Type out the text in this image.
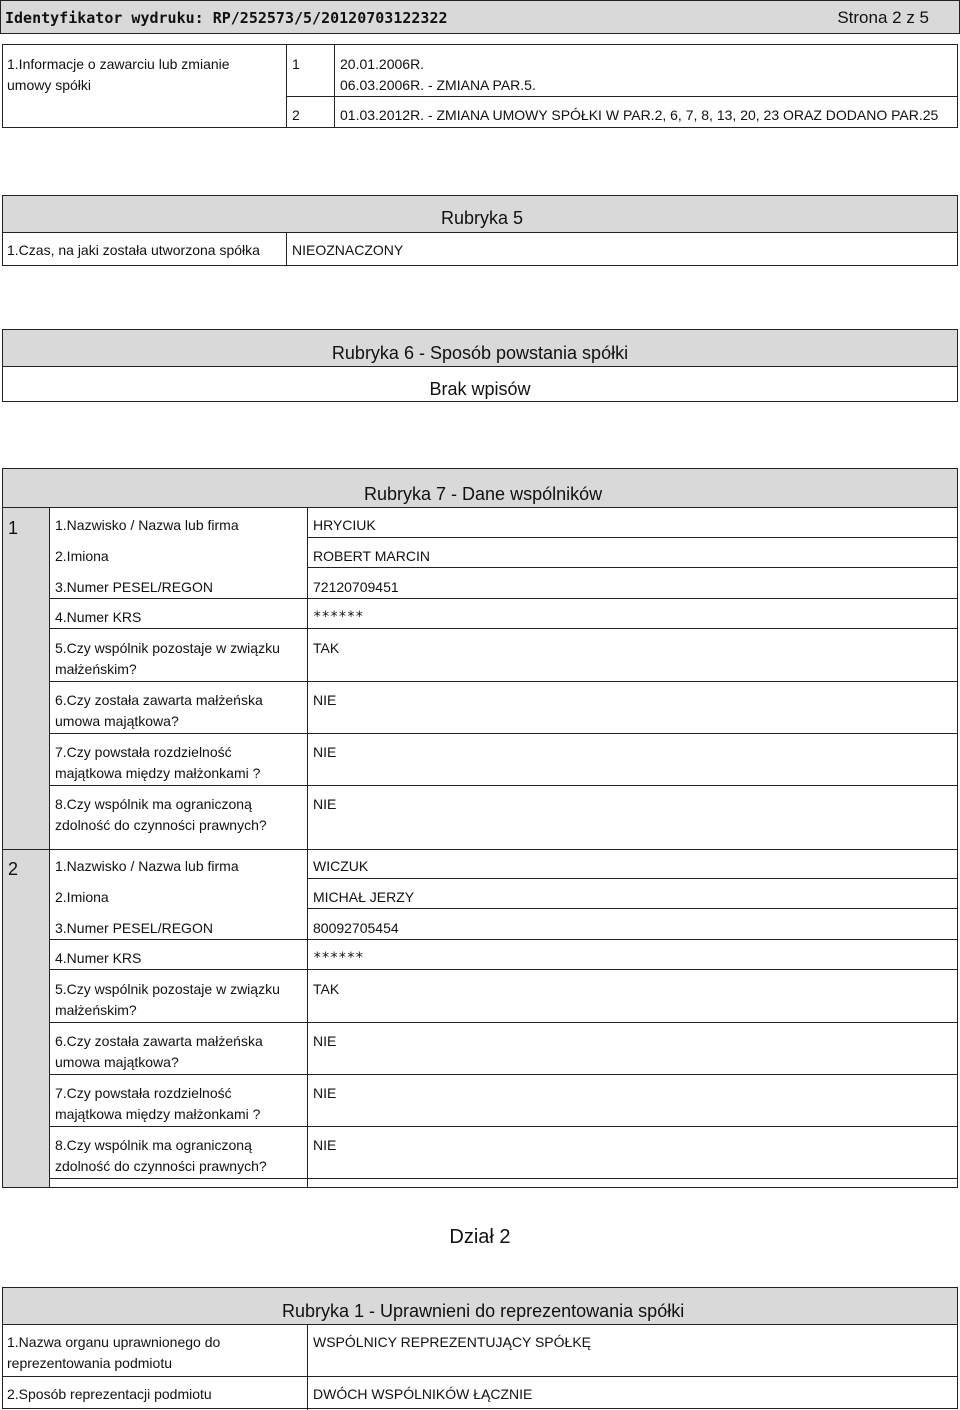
Identyfikator wydruku: RP/252573/5/20120703122322	Strona 2 z 5
1.Informacje o zawarciu lub zmianie
umowy spółki
1	20.01.2006R.
06.03.2006R. - ZMIANA PAR.5.
2	01.03.2012R. - ZMIANA UMOWY SPÓŁKI W PAR.2, 6, 7, 8, 13, 20, 23 ORAZ DODANO PAR.25
Rubryka 5
1.Czas, na jaki została utworzona spółka NIEOZNACZONY
Rubryka 6 - Sposób powstania spółki
Brak wpisów
Rubryka 7 - Dane wspólników
1	1.Nazwisko / Nazwa lub firma	HRYCIUK
2.Imiona	ROBERT MARCIN
3.Numer PESEL/REGON	72120709451
4.Numer KRS	******
5.Czy wspólnik pozostaje w związku
małżeńskim?
TAK
6.Czy została zawarta małżeńska
umowa majątkowa?
NIE
7.Czy powstała rozdzielność
majątkowa między małżonkami ?
NIE
8.Czy wspólnik ma ograniczoną
zdolność do czynności prawnych?
NIE
2	1.Nazwisko / Nazwa lub firma	WICZUK
2.Imiona	MICHAŁ JERZY
3.Numer PESEL/REGON	80092705454
4.Numer KRS	******
5.Czy wspólnik pozostaje w związku
małżeńskim?
TAK
6.Czy została zawarta małżeńska
umowa majątkowa?
NIE
7.Czy powstała rozdzielność
majątkowa między małżonkami ?
NIE
8.Czy wspólnik ma ograniczoną
zdolność do czynności prawnych?
NIE
Dział 2
Rubryka 1 - Uprawnieni do reprezentowania spółki
1.Nazwa organu uprawnionego do
reprezentowania podmiotu
WSPÓLNICY REPREZENTUJĄCY SPÓŁKĘ
2.Sposób reprezentacji podmiotu	DWÓCH WSPÓLNIKÓW ŁĄCZNIE
